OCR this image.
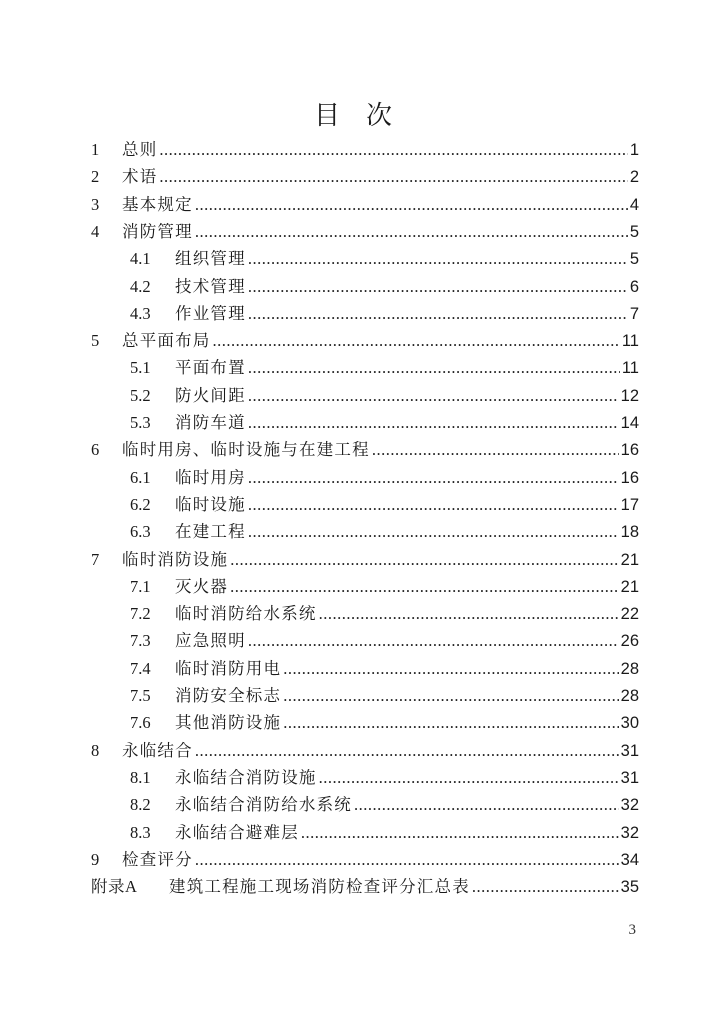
目　次
1	总则 .....	1
2	术语 .....	2
3	基本规定 .....	4
4	消防管理 .....	5
4.1	组织管理 .....	5
4.2	技术管理 .....	6
4.3	作业管理 .....	7
5	总平面布局 .....	11
5.1	平面布置 .....	11
5.2	防火间距 .....	12
5.3	消防车道 .....	14
6	临时用房、临时设施与在建工程 .....	16
6.1	临时用房 .....	16
6.2	临时设施 .....	17
6.3	在建工程 .....	18
7	临时消防设施 .....	21
7.1	灭火器 .....	21
7.2	临时消防给水系统 .....	22
7.3	应急照明 .....	26
7.4	临时消防用电 .....	28
7.5	消防安全标志 .....	28
7.6	其他消防设施 .....	30
8	永临结合 .....	31
8.1	永临结合消防设施 .....	31
8.2	永临结合消防给水系统 .....	32
8.3	永临结合避难层 .....	32
9	检查评分 .....	34
附录A	建筑工程施工现场消防检查评分汇总表 .....	35
3
